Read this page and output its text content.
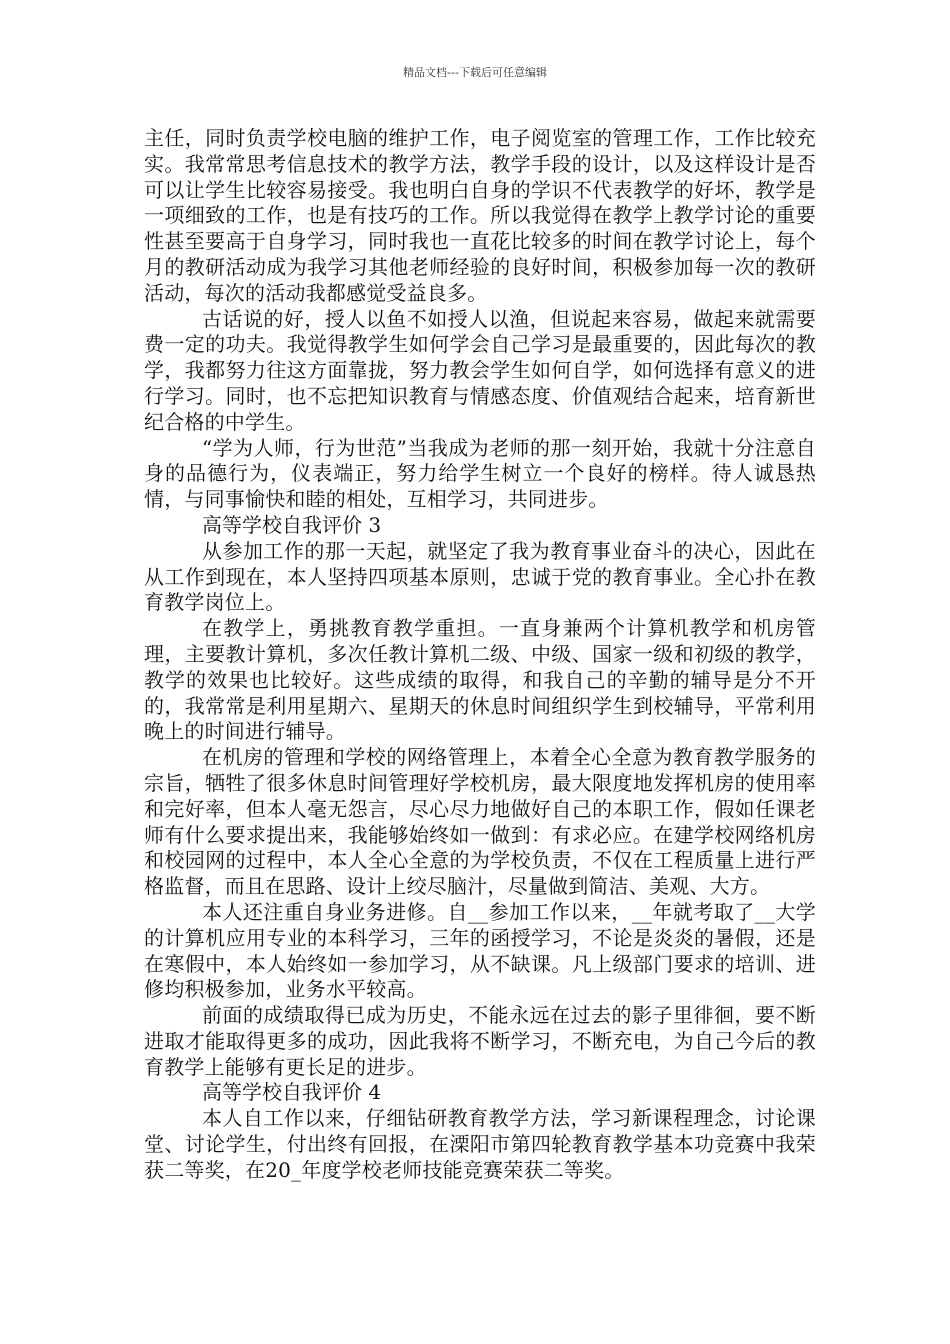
精品文档---下载后可任意编辑

主任，同时负责学校电脑的维护工作，电子阅览室的管理工作，工作比较充实。我常常思考信息技术的教学方法，教学手段的设计，以及这样设计是否可以让学生比较容易接受。我也明白自身的学识不代表教学的好坏，教学是一项细致的工作，也是有技巧的工作。所以我觉得在教学上教学讨论的重要性甚至要高于自身学习，同时我也一直花比较多的时间在教学讨论上，每个月的教研活动成为我学习其他老师经验的良好时间，积极参加每一次的教研活动，每次的活动我都感觉受益良多。

古话说的好，授人以鱼不如授人以渔，但说起来容易，做起来就需要费一定的功夫。我觉得教学生如何学会自己学习是最重要的，因此每次的教学，我都努力往这方面靠拢，努力教会学生如何自学，如何选择有意义的进行学习。同时，也不忘把知识教育与情感态度、价值观结合起来，培育新世纪合格的中学生。

“学为人师，行为世范”当我成为老师的那一刻开始，我就十分注意自身的品德行为，仪表端正，努力给学生树立一个良好的榜样。待人诚恳热情，与同事愉快和睦的相处，互相学习，共同进步。

高等学校自我评价 3

从参加工作的那一天起，就坚定了我为教育事业奋斗的决心，因此在从工作到现在，本人坚持四项基本原则，忠诚于党的教育事业。全心扑在教育教学岗位上。

在教学上，勇挑教育教学重担。一直身兼两个计算机教学和机房管理，主要教计算机，多次任教计算机二级、中级、国家一级和初级的教学，教学的效果也比较好。这些成绩的取得，和我自己的辛勤的辅导是分不开的，我常常是利用星期六、星期天的休息时间组织学生到校辅导，平常利用晚上的时间进行辅导。

在机房的管理和学校的网络管理上，本着全心全意为教育教学服务的宗旨，牺牲了很多休息时间管理好学校机房，最大限度地发挥机房的使用率和完好率，但本人毫无怨言，尽心尽力地做好自己的本职工作，假如任课老师有什么要求提出来，我能够始终如一做到：有求必应。在建学校网络机房和校园网的过程中，本人全心全意的为学校负责，不仅在工程质量上进行严格监督，而且在思路、设计上绞尽脑汁，尽量做到简洁、美观、大方。

本人还注重自身业务进修。自__参加工作以来，__年就考取了__大学的计算机应用专业的本科学习，三年的函授学习，不论是炎炎的暑假，还是在寒假中，本人始终如一参加学习，从不缺课。凡上级部门要求的培训、进修均积极参加，业务水平较高。

前面的成绩取得已成为历史，不能永远在过去的影子里徘徊，要不断进取才能取得更多的成功，因此我将不断学习，不断充电，为自己今后的教育教学上能够有更长足的进步。

高等学校自我评价 4

本人自工作以来，仔细钻研教育教学方法，学习新课程理念，讨论课堂、讨论学生，付出终有回报，在溧阳市第四轮教育教学基本功竞赛中我荣获二等奖，在20_年度学校老师技能竞赛荣获二等奖。
